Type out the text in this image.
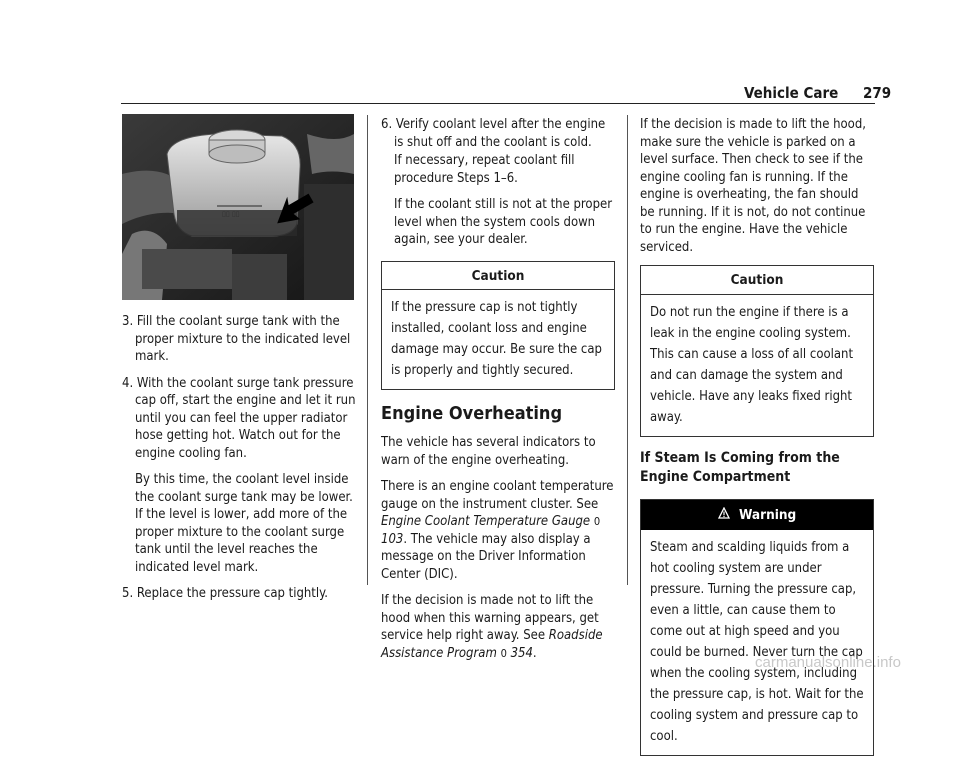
Vehicle Care 279

3. Fill the coolant surge tank with the proper mixture to the indicated level mark.

4. With the coolant surge tank pressure cap off, start the engine and let it run until you can feel the upper radiator hose getting hot. Watch out for the engine cooling fan.

By this time, the coolant level inside the coolant surge tank may be lower. If the level is lower, add more of the proper mixture to the coolant surge tank until the level reaches the indicated level mark.

5. Replace the pressure cap tightly.

6. Verify coolant level after the engine is shut off and the coolant is cold.

If necessary, repeat coolant fill procedure Steps 1–6.

If the coolant still is not at the proper level when the system cools down again, see your dealer.

Caution
If the pressure cap is not tightly installed, coolant loss and engine damage may occur. Be sure the cap is properly and tightly secured.
Engine Overheating

The vehicle has several indicators to warn of the engine overheating.

There is an engine coolant temperature gauge on the instrument cluster. See Engine Coolant Temperature Gauge 0 103. The vehicle may also display a message on the Driver Information Center (DIC).

If the decision is made not to lift the hood when this warning appears, get service help right away. See Roadside Assistance Program 0 354.

If the decision is made to lift the hood, make sure the vehicle is parked on a level surface. Then check to see if the engine cooling fan is running. If the engine is overheating, the fan should be running. If it is not, do not continue to run the engine. Have the vehicle serviced.

Caution
Do not run the engine if there is a leak in the engine cooling system. This can cause a loss of all coolant and can damage the system and vehicle. Have any leaks fixed right away.
If Steam Is Coming from the Engine Compartment
Warning
Steam and scalding liquids from a hot cooling system are under pressure. Turning the pressure cap, even a little, can cause them to come out at high speed and you could be burned. Never turn the cap when the cooling system, including the pressure cap, is hot. Wait for the cooling system and pressure cap to cool.
carmanualsonline.info
